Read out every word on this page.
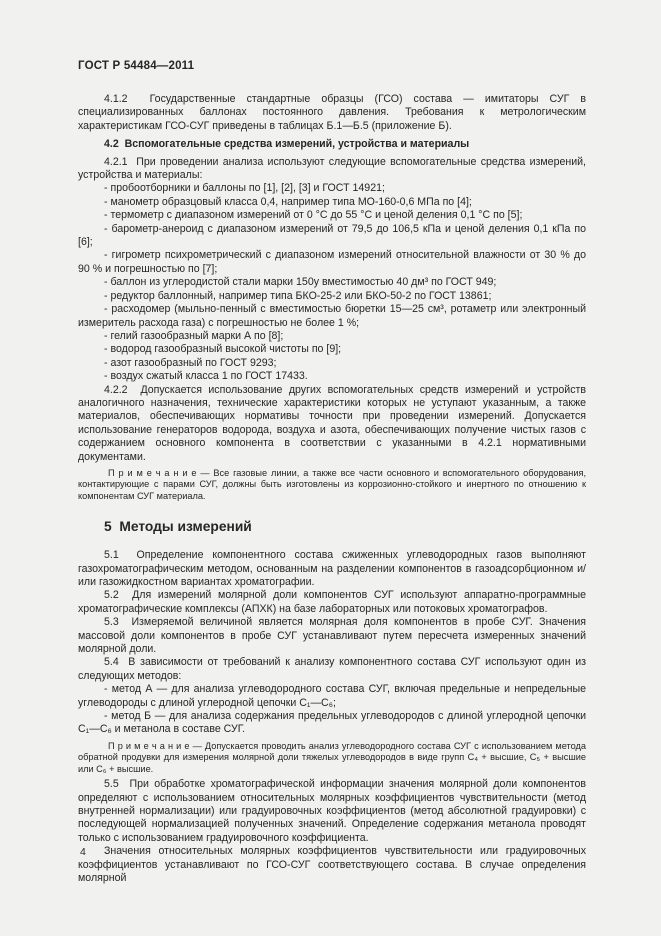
ГОСТ Р 54484—2011

4.1.2  Государственные стандартные образцы (ГСО) состава — имитаторы СУГ в специализированных баллонах постоянного давления. Требования к метрологическим характеристикам ГСО-СУГ приведены в таблицах Б.1—Б.5 (приложение Б).

4.2  Вспомогательные средства измерений, устройства и материалы

4.2.1  При проведении анализа используют следующие вспомогательные средства измерений, устройства и материалы:

- пробоотборники и баллоны по [1], [2], [3] и ГОСТ 14921;

- манометр образцовый класса 0,4, например типа МО-160-0,6 МПа по [4];

- термометр с диапазоном измерений от 0 °С до 55 °С и ценой деления 0,1 °С по [5];

- барометр-анероид с диапазоном измерений от 79,5 до 106,5 кПа и ценой деления 0,1 кПа по [6];

- гигрометр психрометрический с диапазоном измерений относительной влажности от 30 % до 90 % и погрешностью по [7];

- баллон из углеродистой стали марки 150у вместимостью 40 дм³ по ГОСТ 949;

- редуктор баллонный, например типа БКО-25-2 или БКО-50-2 по ГОСТ 13861;

- расходомер (мыльно-пенный с вместимостью бюретки 15—25 см³, ротаметр или электронный измеритель расхода газа) с погрешностью не более 1 %;

- гелий газообразный марки А по [8];

- водород газообразный высокой чистоты по [9];

- азот газообразный по ГОСТ 9293;

- воздух сжатый класса 1 по ГОСТ 17433.

4.2.2  Допускается использование других вспомогательных средств измерений и устройств аналогичного назначения, технические характеристики которых не уступают указанным, а также материалов, обеспечивающих нормативы точности при проведении измерений. Допускается использование генераторов водорода, воздуха и азота, обеспечивающих получение чистых газов с содержанием основного компонента в соответствии с указанными в 4.2.1 нормативными документами.

П р и м е ч а н и е — Все газовые линии, а также все части основного и вспомогательного оборудования, контактирующие с парами СУГ, должны быть изготовлены из коррозионно-стойкого и инертного по отношению к компонентам СУГ материала.

5  Методы измерений

5.1  Определение компонентного состава сжиженных углеводородных газов выполняют газохроматографическим методом, основанным на разделении компонентов в газоадсорбционном и/или газожидкостном вариантах хроматографии.

5.2  Для измерений молярной доли компонентов СУГ используют аппаратно-программные хроматографические комплексы (АПХК) на базе лабораторных или потоковых хроматографов.

5.3  Измеряемой величиной является молярная доля компонентов в пробе СУГ. Значения массовой доли компонентов в пробе СУГ устанавливают путем пересчета измеренных значений молярной доли.

5.4  В зависимости от требований к анализу компонентного состава СУГ используют один из следующих методов:

- метод А — для анализа углеводородного состава СУГ, включая предельные и непредельные углеводороды с длиной углеродной цепочки С₁—С₆;

- метод Б — для анализа содержания предельных углеводородов с длиной углеродной цепочки С₁—С₆ и метанола в составе СУГ.

П р и м е ч а н и е — Допускается проводить анализ углеводородного состава СУГ с использованием метода обратной продувки для измерения молярной доли тяжелых углеводородов в виде групп С₄ + высшие, С₅ + высшие или С₆ + высшие.

5.5  При обработке хроматографической информации значения молярной доли компонентов определяют с использованием относительных молярных коэффициентов чувствительности (метод внутренней нормализации) или градуировочных коэффициентов (метод абсолютной градуировки) с последующей нормализацией полученных значений. Определение содержания метанола проводят только с использованием градуировочного коэффициента.

Значения относительных молярных коэффициентов чувствительности или градуировочных коэффициентов устанавливают по ГСО-СУГ соответствующего состава. В случае определения молярной

4
